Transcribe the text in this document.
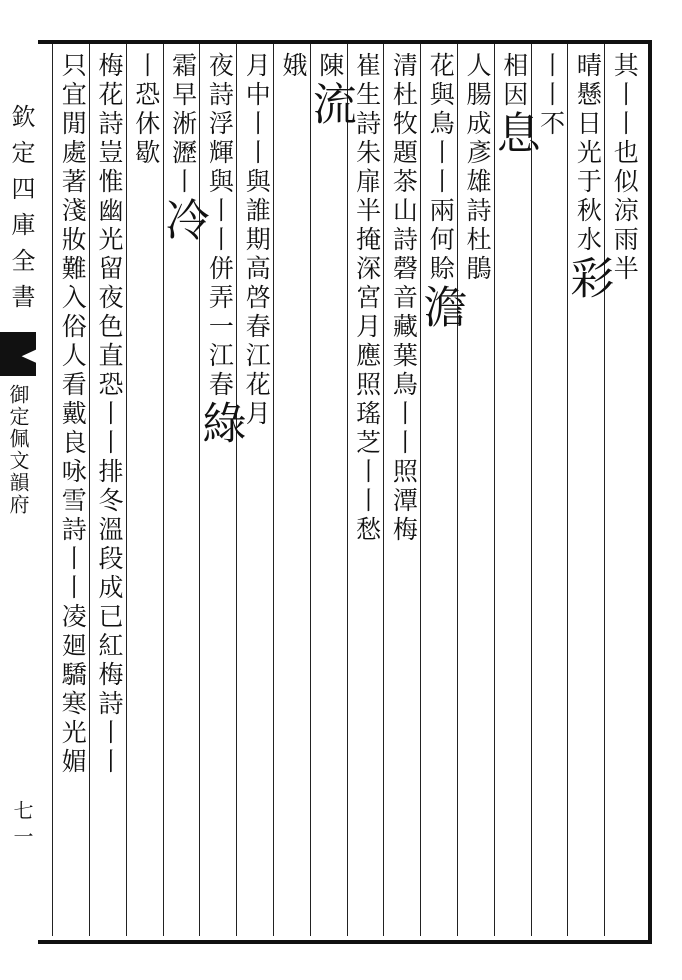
欽定四庫全書
御定佩文韻府
七一
其丨丨也似涼雨半
晴懸日光于秋水彩
丨丨不
相因息
人腸成彥雄詩杜鵑
花與鳥丨丨兩何賒澹
清杜牧題茶山詩磬音藏葉鳥丨丨照潭梅
崔生詩朱扉半掩深宮月應照瑤芝丨丨愁
陳流
娥
月中丨丨與誰期高啓春江花月
夜詩浮輝與丨丨併弄一江春綠
霜早淅瀝丨冷
丨恐休歇
梅花詩豈惟幽光留夜色直恐丨丨排冬溫段成已紅梅詩丨丨
只宜閒處著淺妝難入俗人看戴良咏雪詩丨丨凌廻驕寒光媚
